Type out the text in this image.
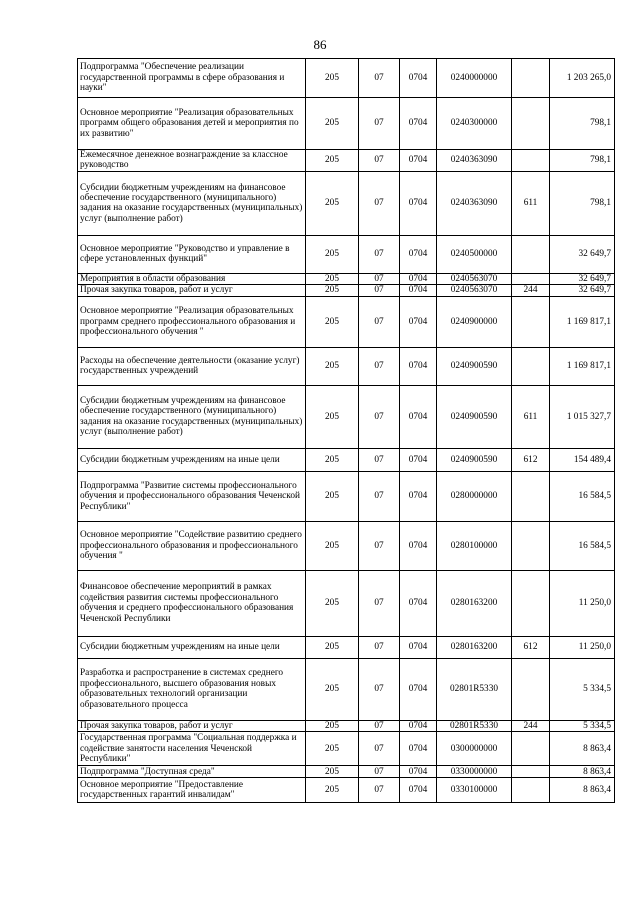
86
Подпрограмма "Обеспечение реализации государственной программы в сфере образования и науки"	205	07	0704	0240000000		1 203 265,0
Основное мероприятие "Реализация образовательных программ общего образования детей и мероприятия по их развитию"	205	07	0704	0240300000		798,1
Ежемесячное денежное вознаграждение за классное руководство	205	07	0704	0240363090		798,1
Субсидии бюджетным учреждениям на финансовое обеспечение государственного (муниципального) задания на оказание государственных (муниципальных) услуг (выполнение работ)	205	07	0704	0240363090	611	798,1
Основное мероприятие "Руководство и управление в сфере установленных функций"	205	07	0704	0240500000		32 649,7
Мероприятия в области образования	205	07	0704	0240563070		32 649,7
Прочая закупка товаров, работ и услуг	205	07	0704	0240563070	244	32 649,7
Основное мероприятие "Реализация образовательных программ среднего профессионального образования и профессионального обучения "	205	07	0704	0240900000		1 169 817,1
Расходы на обеспечение деятельности (оказание услуг) государственных учреждений	205	07	0704	0240900590		1 169 817,1
Субсидии бюджетным учреждениям на финансовое обеспечение государственного (муниципального) задания на оказание государственных (муниципальных) услуг (выполнение работ)	205	07	0704	0240900590	611	1 015 327,7
Субсидии бюджетным учреждениям на иные цели	205	07	0704	0240900590	612	154 489,4
Подпрограмма "Развитие системы профессионального обучения и профессионального образования Чеченской Республики"	205	07	0704	0280000000		16 584,5
Основное мероприятие "Содействие развитию среднего профессионального образования и профессионального обучения "	205	07	0704	0280100000		16 584,5
Финансовое обеспечение мероприятий в рамках содействия развития системы профессионального обучения и среднего профессионального образования Чеченской Республики	205	07	0704	0280163200		11 250,0
Субсидии бюджетным учреждениям на иные цели	205	07	0704	0280163200	612	11 250,0
Разработка и распространение в системах среднего профессионального, высшего образования новых образовательных технологий организации образовательного процесса	205	07	0704	02801R5330		5 334,5
Прочая закупка товаров, работ и услуг	205	07	0704	02801R5330	244	5 334,5
Государственная программа "Социальная поддержка и содействие занятости населения Чеченской Республики"	205	07	0704	0300000000		8 863,4
Подпрограмма "Доступная среда"	205	07	0704	0330000000		8 863,4
Основное мероприятие "Предоставление государственных гарантий инвалидам"	205	07	0704	0330100000		8 863,4
